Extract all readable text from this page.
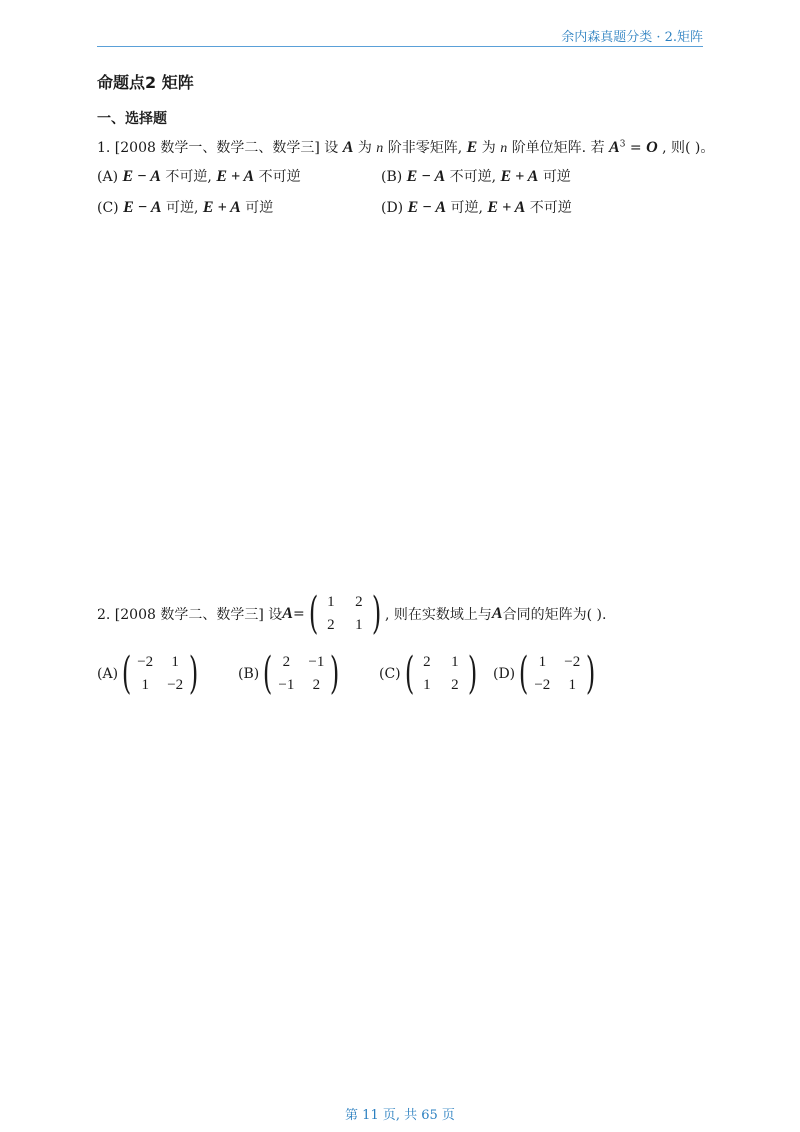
余内森真题分类 · 2.矩阵
命题点2 矩阵
一、选择题
1. [2008 数学一、数学二、数学三] 设 A 为 n 阶非零矩阵, E 为 n 阶单位矩阵. 若 $A^3 = O$ , 则( )。
(A) E − A 不可逆, E + A 不可逆	(B) E − A 不可逆, E + A 可逆
(C) E − A 可逆, E + A 可逆	(D) E − A 可逆, E + A 不可逆
2. [2008 数学二、数学三] 设 A = ( 1 2
2 1 ) , 则在实数域上与 A 合同的矩阵为( ).
(A) ( −2 1
1 −2 )	(B) ( 2 −1
−1 2 )	(C) ( 2 1
1 2 ) (D) ( 1 −2
−2 1 )
第 11 页, 共 65 页
